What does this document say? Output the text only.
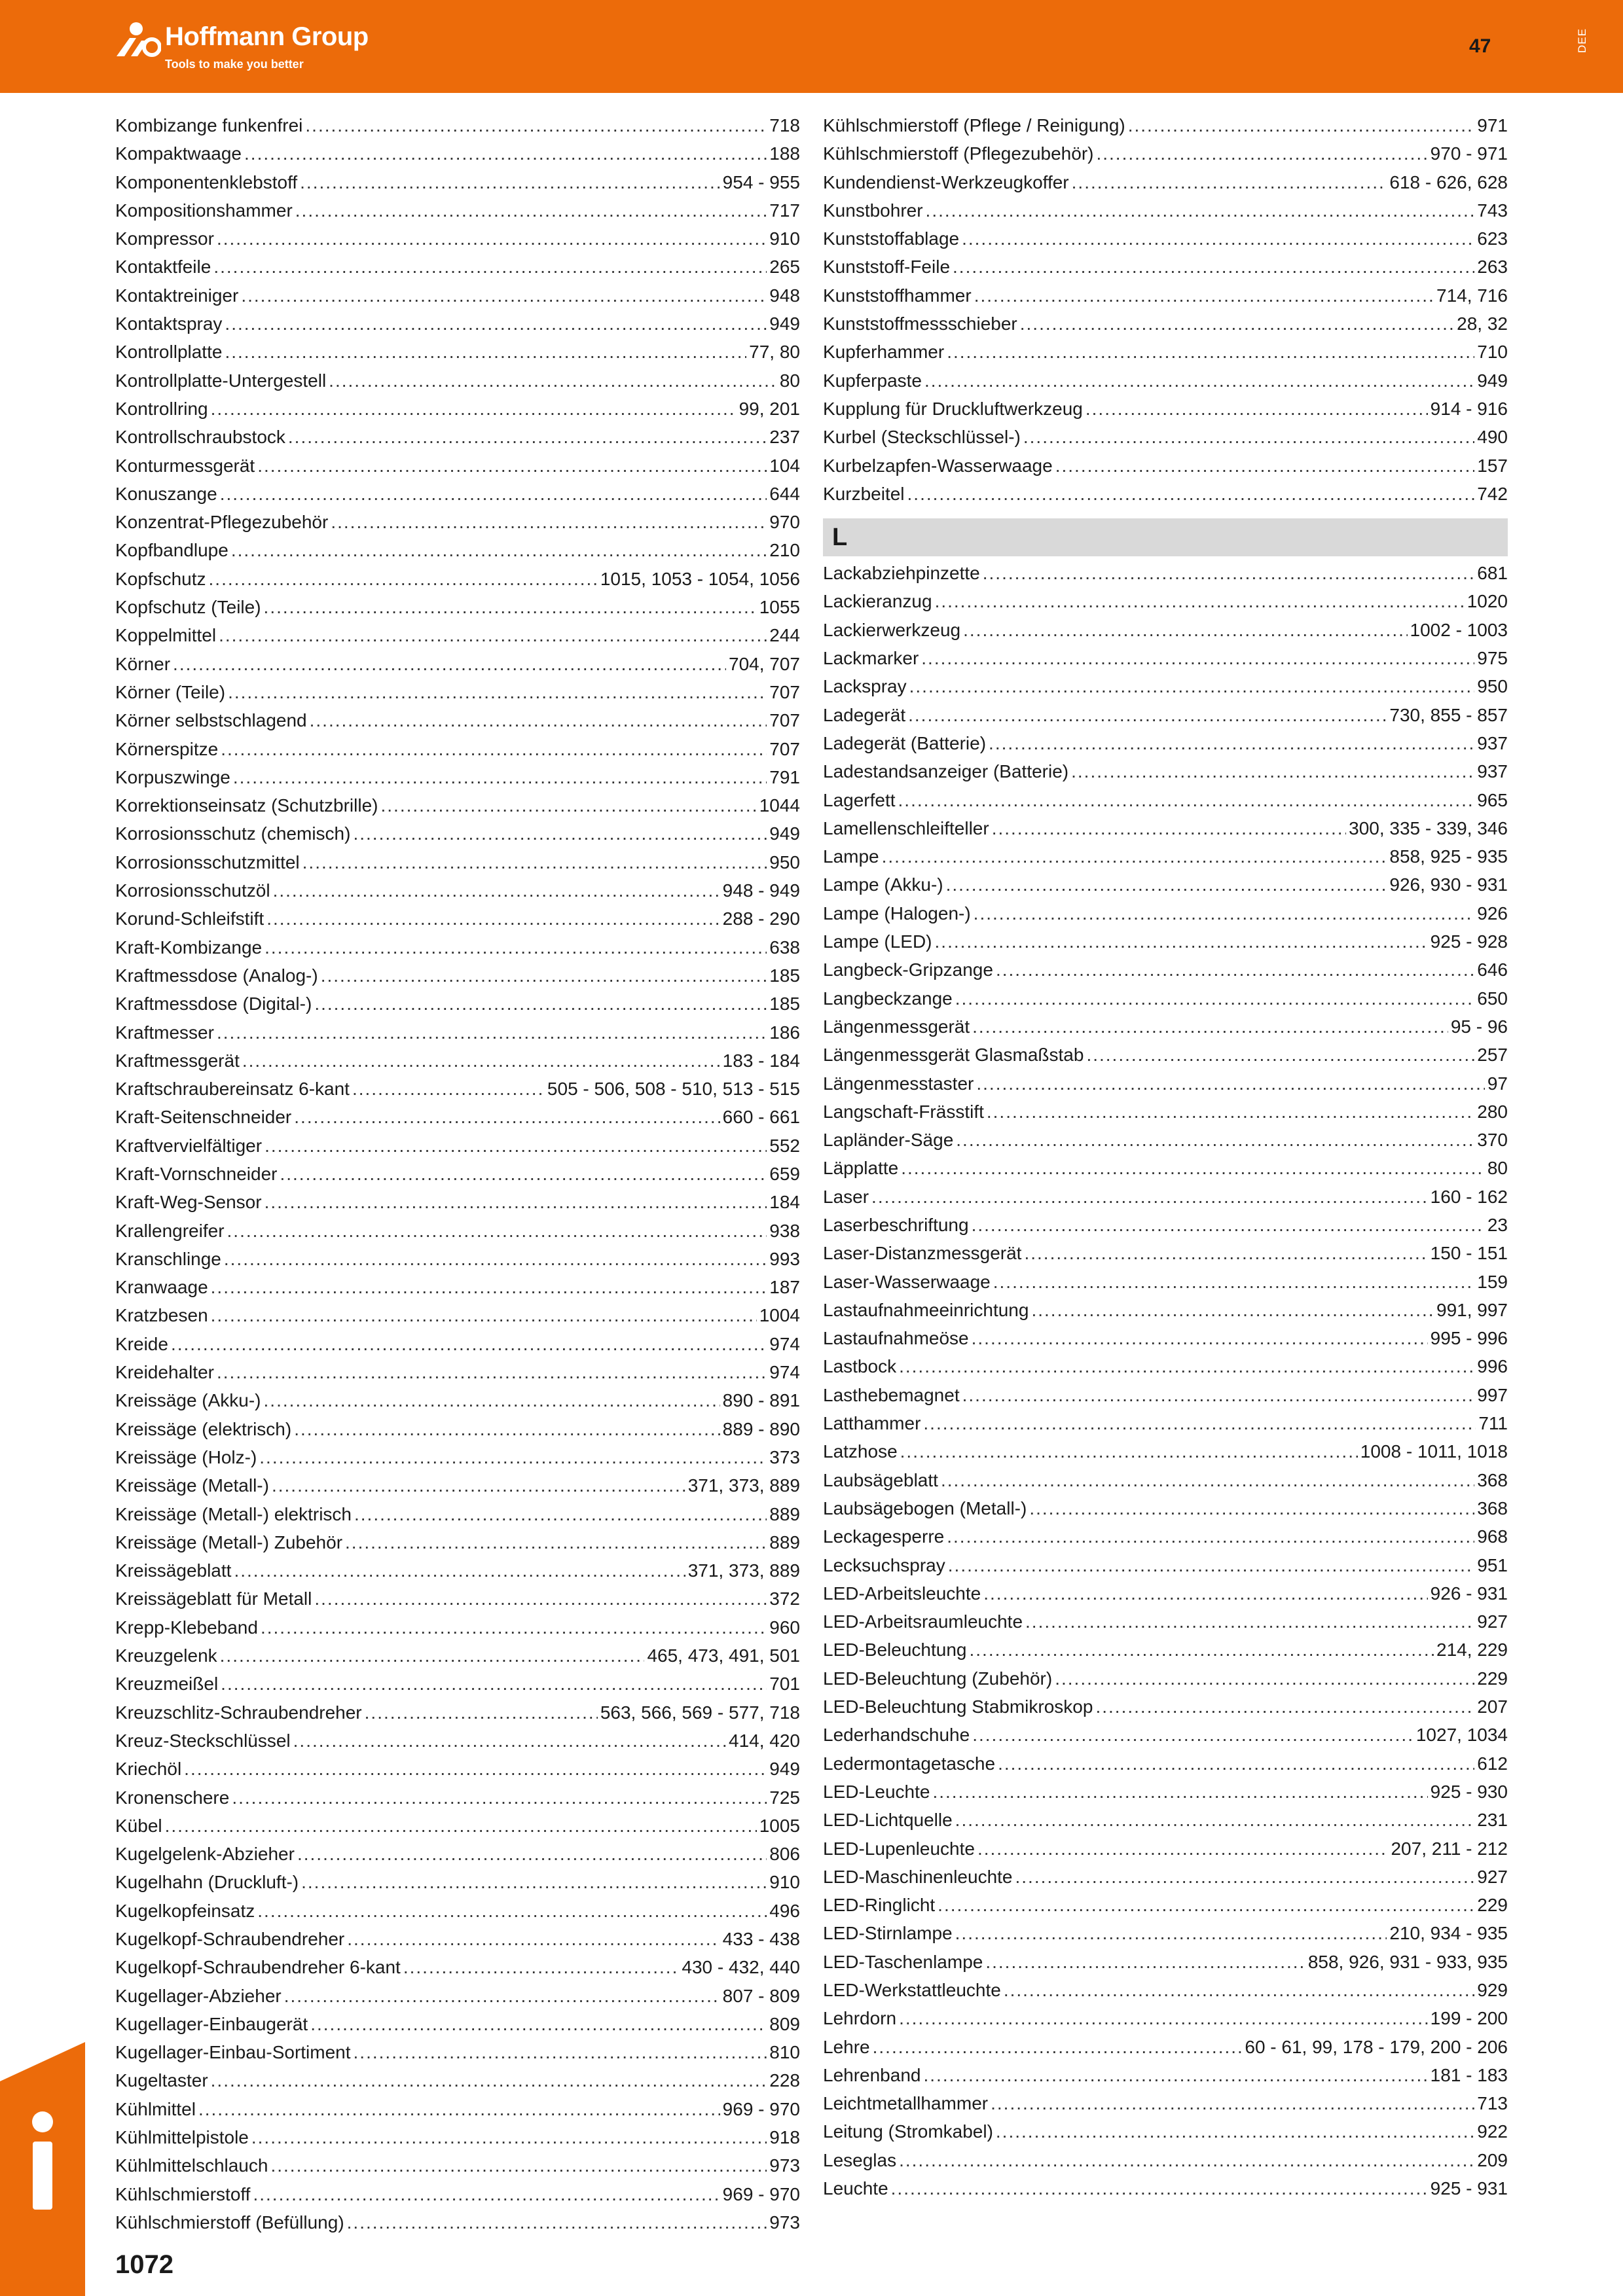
Hoffmann Group
Tools to make you better
47	DEE
Kombizange funkenfrei .....	718
Kompaktwaage .....	188
Komponentenklebstoff .....	954 - 955
Kompositionshammer .....	717
Kompressor .....	910
Kontaktfeile .....	265
Kontaktreiniger .....	948
Kontaktspray .....	949
Kontrollplatte .....	77, 80
Kontrollplatte-Untergestell .....	80
Kontrollring .....	99, 201
Kontrollschraubstock .....	237
Konturmessgerät .....	104
Konuszange .....	644
Konzentrat-Pflegezubehör .....	970
Kopfbandlupe .....	210
Kopfschutz .....	1015, 1053 - 1054, 1056
Kopfschutz (Teile) .....	1055
Koppelmittel .....	244
Körner .....	704, 707
Körner (Teile) .....	707
Körner selbstschlagend .....	707
Körnerspitze .....	707
Korpuszwinge .....	791
Korrektionseinsatz (Schutzbrille) .....	1044
Korrosionsschutz (chemisch) .....	949
Korrosionsschutzmittel .....	950
Korrosionsschutzöl .....	948 - 949
Korund-Schleifstift .....	288 - 290
Kraft-Kombizange .....	638
Kraftmessdose (Analog-) .....	185
Kraftmessdose (Digital-) .....	185
Kraftmesser .....	186
Kraftmessgerät .....	183 - 184
Kraftschraubereinsatz 6-kant .....	505 - 506, 508 - 510, 513 - 515
Kraft-Seitenschneider .....	660 - 661
Kraftvervielfältiger .....	552
Kraft-Vornschneider .....	659
Kraft-Weg-Sensor .....	184
Krallengreifer .....	938
Kranschlinge .....	993
Kranwaage .....	187
Kratzbesen .....	1004
Kreide .....	974
Kreidehalter .....	974
Kreissäge (Akku-) .....	890 - 891
Kreissäge (elektrisch) .....	889 - 890
Kreissäge (Holz-) .....	373
Kreissäge (Metall-) .....	371, 373, 889
Kreissäge (Metall-) elektrisch .....	889
Kreissäge (Metall-) Zubehör .....	889
Kreissägeblatt .....	371, 373, 889
Kreissägeblatt für Metall .....	372
Krepp-Klebeband .....	960
Kreuzgelenk .....	465, 473, 491, 501
Kreuzmeißel .....	701
Kreuzschlitz-Schraubendreher .....	563, 566, 569 - 577, 718
Kreuz-Steckschlüssel .....	414, 420
Kriechöl .....	949
Kronenschere .....	725
Kübel .....	1005
Kugelgelenk-Abzieher .....	806
Kugelhahn (Druckluft-) .....	910
Kugelkopfeinsatz .....	496
Kugelkopf-Schraubendreher .....	433 - 438
Kugelkopf-Schraubendreher 6-kant .....	430 - 432, 440
Kugellager-Abzieher .....	807 - 809
Kugellager-Einbaugerät .....	809
Kugellager-Einbau-Sortiment .....	810
Kugeltaster .....	228
Kühlmittel .....	969 - 970
Kühlmittelpistole .....	918
Kühlmittelschlauch .....	973
Kühlschmierstoff .....	969 - 970
Kühlschmierstoff (Befüllung) .....	973
Kühlschmierstoff (Pflege / Reinigung) .....	971
Kühlschmierstoff (Pflegezubehör) .....	970 - 971
Kundendienst-Werkzeugkoffer .....	618 - 626, 628
Kunstbohrer .....	743
Kunststoffablage .....	623
Kunststoff-Feile .....	263
Kunststoffhammer .....	714, 716
Kunststoffmessschieber .....	28, 32
Kupferhammer .....	710
Kupferpaste .....	949
Kupplung für Druckluftwerkzeug .....	914 - 916
Kurbel (Steckschlüssel-) .....	490
Kurbelzapfen-Wasserwaage .....	157
Kurzbeitel .....	742
L
Lackabziehpinzette .....	681
Lackieranzug .....	1020
Lackierwerkzeug .....	1002 - 1003
Lackmarker .....	975
Lackspray .....	950
Ladegerät .....	730, 855 - 857
Ladegerät (Batterie) .....	937
Ladestandsanzeiger (Batterie) .....	937
Lagerfett .....	965
Lamellenschleifteller .....	300, 335 - 339, 346
Lampe .....	858, 925 - 935
Lampe (Akku-) .....	926, 930 - 931
Lampe (Halogen-) .....	926
Lampe (LED) .....	925 - 928
Langbeck-Gripzange .....	646
Langbeckzange .....	650
Längenmessgerät .....	95 - 96
Längenmessgerät Glasmaßstab .....	257
Längenmesstaster .....	97
Langschaft-Frässtift .....	280
Lapländer-Säge .....	370
Läpplatte .....	80
Laser .....	160 - 162
Laserbeschriftung .....	23
Laser-Distanzmessgerät .....	150 - 151
Laser-Wasserwaage .....	159
Lastaufnahmeeinrichtung .....	991, 997
Lastaufnahmeöse .....	995 - 996
Lastbock .....	996
Lasthebemagnet .....	997
Latthammer .....	711
Latzhose .....	1008 - 1011, 1018
Laubsägeblatt .....	368
Laubsägebogen (Metall-) .....	368
Leckagesperre .....	968
Lecksuchspray .....	951
LED-Arbeitsleuchte .....	926 - 931
LED-Arbeitsraumleuchte .....	927
LED-Beleuchtung .....	214, 229
LED-Beleuchtung (Zubehör) .....	229
LED-Beleuchtung Stabmikroskop .....	207
Lederhandschuhe .....	1027, 1034
Ledermontagetasche .....	612
LED-Leuchte .....	925 - 930
LED-Lichtquelle .....	231
LED-Lupenleuchte .....	207, 211 - 212
LED-Maschinenleuchte .....	927
LED-Ringlicht .....	229
LED-Stirnlampe .....	210, 934 - 935
LED-Taschenlampe .....	858, 926, 931 - 933, 935
LED-Werkstattleuchte .....	929
Lehrdorn .....	199 - 200
Lehre .....	60 - 61, 99, 178 - 179, 200 - 206
Lehrenband .....	181 - 183
Leichtmetallhammer .....	713
Leitung (Stromkabel) .....	922
Leseglas .....	209
Leuchte .....	925 - 931
1072
